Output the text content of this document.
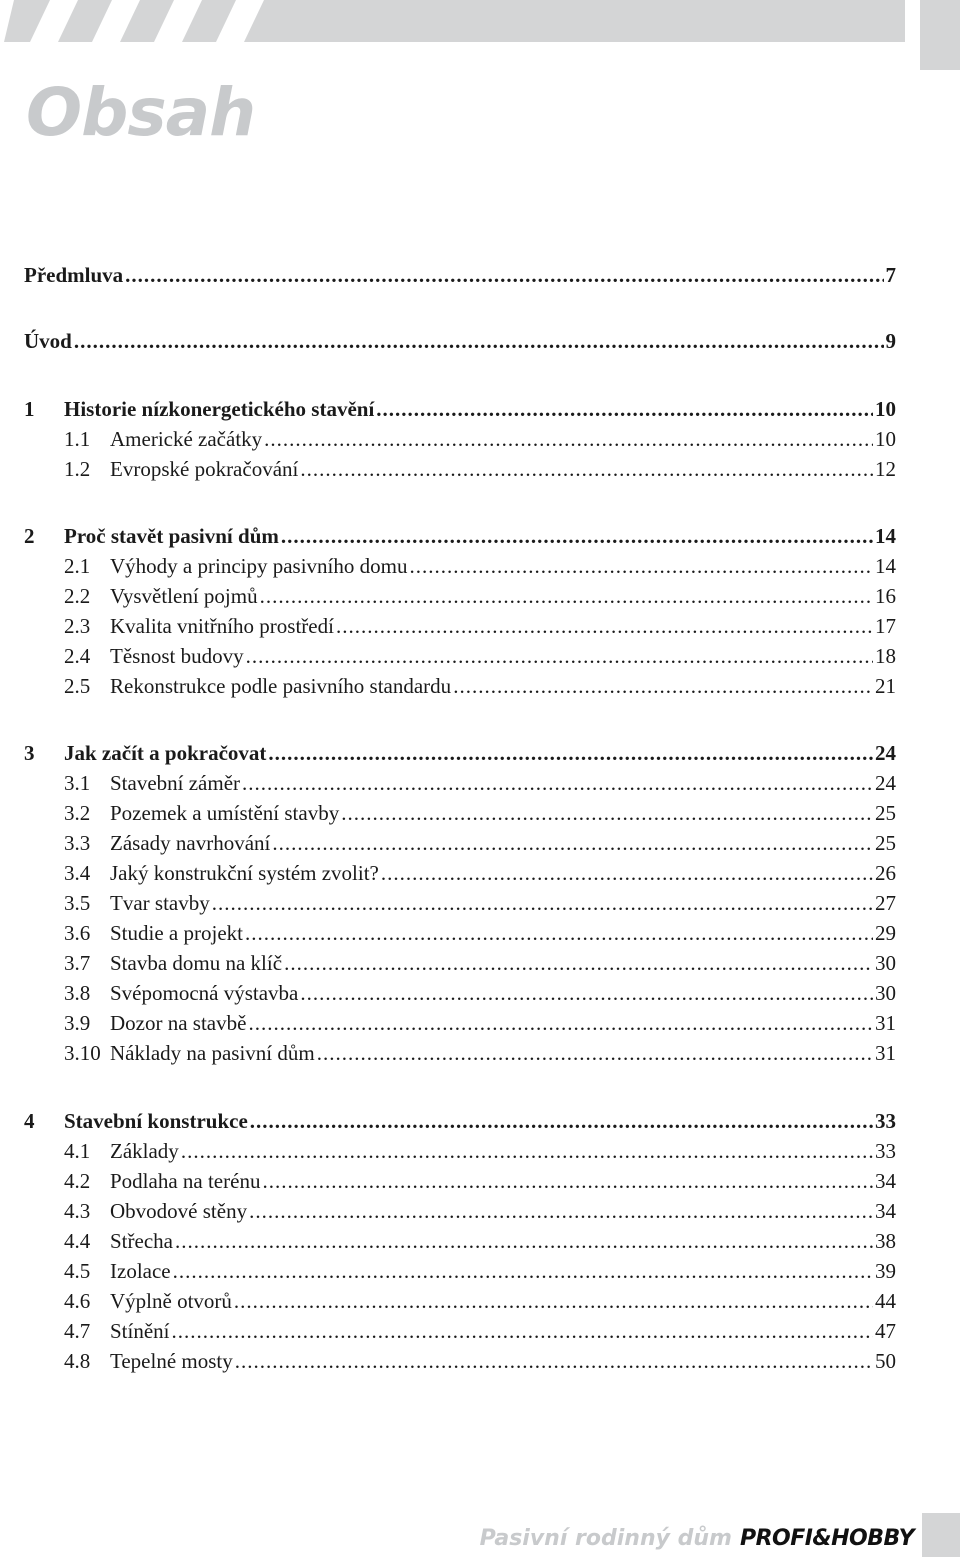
Obsah
Předmluva .....	7
Úvod .....	9
1	Historie nízkonergetického stavění .....	10
1.1 Americké začátky .....	10
1.2 Evropské pokračování .....	12
2	Proč stavět pasivní dům .....	14
2.1 Výhody a principy pasivního domu .....	14
2.2 Vysvětlení pojmů .....	16
2.3 Kvalita vnitřního prostředí .....	17
2.4 Těsnost budovy .....	18
2.5 Rekonstrukce podle pasivního standardu .....	21
3	Jak začít a pokračovat .....	24
3.1 Stavební záměr .....	24
3.2 Pozemek a umístění stavby .....	25
3.3 Zásady navrhování .....	25
3.4 Jaký konstrukční systém zvolit? .....	26
3.5 Tvar stavby .....	27
3.6 Studie a projekt .....	29
3.7 Stavba domu na klíč .....	30
3.8 Svépomocná výstavba .....	30
3.9 Dozor na stavbě .....	31
3.10 Náklady na pasivní dům .....	31
4	Stavební konstrukce .....	33
4.1 Základy .....	33
4.2 Podlaha na terénu .....	34
4.3 Obvodové stěny .....	34
4.4 Střecha .....	38
4.5 Izolace .....	39
4.6 Výplně otvorů .....	44
4.7 Stínění .....	47
4.8 Tepelné mosty .....	50
Pasivní rodinný dům PROFI&HOBBY
